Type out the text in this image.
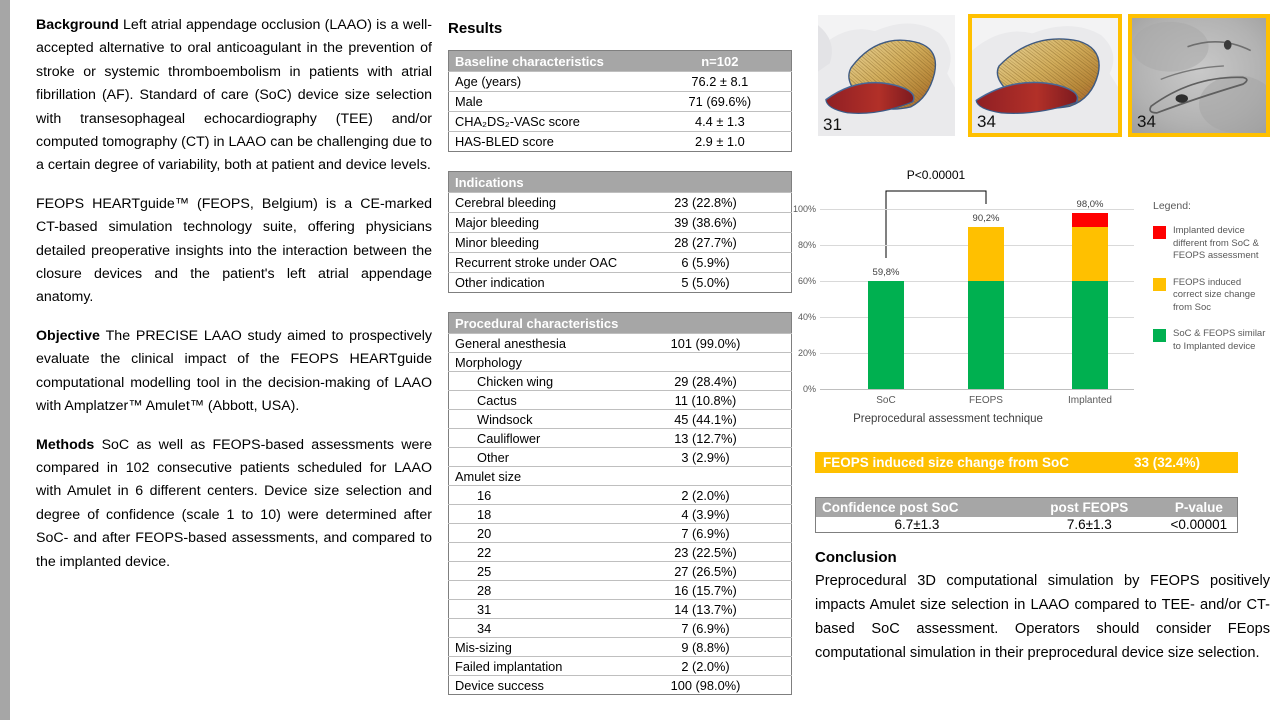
Background Left atrial appendage occlusion (LAAO) is a well-accepted alternative to oral anticoagulant in the prevention of stroke or systemic thromboembolism in patients with atrial fibrillation (AF). Standard of care (SoC) device size selection with transesophageal echocardiography (TEE) and/or computed tomography (CT) in LAAO can be challenging due to a certain degree of variability, both at patient and device levels.

FEOPS HEARTguide™ (FEOPS, Belgium) is a CE-marked CT-based simulation technology suite, offering physicians detailed preoperative insights into the interaction between the closure devices and the patient's left atrial appendage anatomy.

Objective The PRECISE LAAO study aimed to prospectively evaluate the clinical impact of the FEOPS HEARTguide computational modelling tool in the decision-making of LAAO with Amplatzer™ Amulet™ (Abbott, USA).

Methods SoC as well as FEOPS-based assessments were compared in 102 consecutive patients scheduled for LAAO with Amulet in 6 different centers. Device size selection and degree of confidence (scale 1 to 10) were determined after SoC- and after FEOPS-based assessments, and compared to the implanted device.

Results
Baseline characteristics	n=102
Age (years)	76.2 ± 8.1
Male	71 (69.6%)
CHA₂DS₂-VASc score	4.4 ± 1.3
HAS-BLED score	2.9 ± 1.0
Indications	
Cerebral bleeding	23 (22.8%)
Major bleeding	39 (38.6%)
Minor bleeding	28 (27.7%)
Recurrent stroke under OAC	6 (5.9%)
Other indication	5 (5.0%)
Procedural characteristics	
General anesthesia	101 (99.0%)
Morphology	
Chicken wing	29 (28.4%)
Cactus	11 (10.8%)
Windsock	45 (44.1%)
Cauliflower	13 (12.7%)
Other	3 (2.9%)
Amulet size	
16	2 (2.0%)
18	4 (3.9%)
20	7 (6.9%)
22	23 (22.5%)
25	27 (26.5%)
28	16 (15.7%)
31	14 (13.7%)
34	7 (6.9%)
Mis-sizing	9 (8.8%)
Failed implantation	2 (2.0%)
Device success	100 (98.0%)
31	34	34
P<0.00001
Preprocedural assessment technique
0%
20%
40%
60%
80%
100%
59,8%
SoC
90,2%
FEOPS
98,0%
Implanted
Legend:
Implanted device different from SoC & FEOPS assessment
FEOPS induced correct size change from Soc
SoC & FEOPS similar to Implanted device
FEOPS induced size change from SoC	33 (32.4%)
Confidence post SoC	post FEOPS	P-value
6.7±1.3	7.6±1.3	<0.00001
Conclusion

Preprocedural 3D computational simulation by FEOPS positively impacts Amulet size selection in LAAO compared to TEE- and/or CT-based SoC assessment. Operators should consider FEops computational simulation in their preprocedural device size selection.
